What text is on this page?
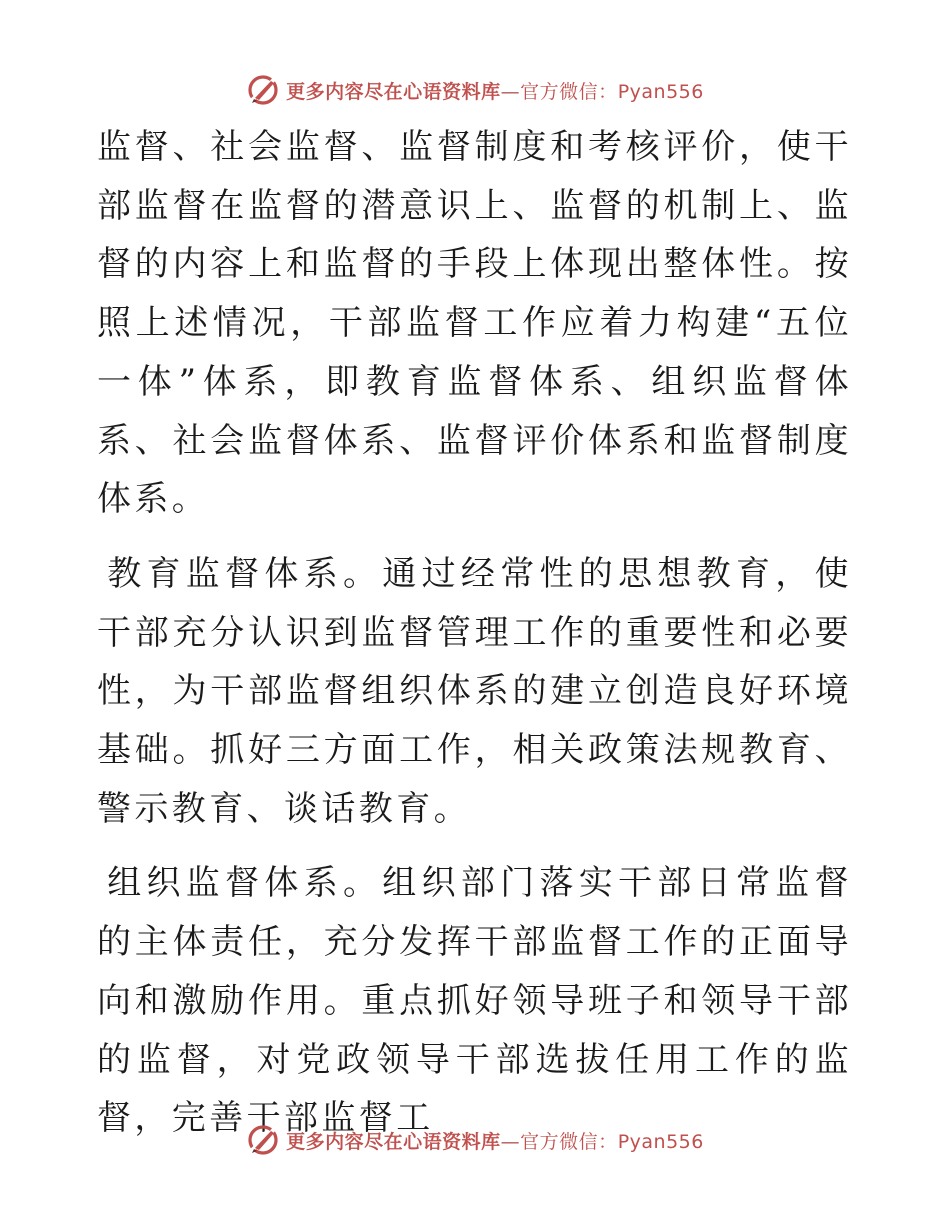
更多内容尽在心语资料库—官方微信：Pyan556

监督、社会监督、监督制度和考核评价，使干部监督在监督的潜意识上、监督的机制上、监督的内容上和监督的手段上体现出整体性。按照上述情况，干部监督工作应着力构建“五位一体”体系，即教育监督体系、组织监督体系、社会监督体系、监督评价体系和监督制度体系。

教育监督体系。通过经常性的思想教育，使干部充分认识到监督管理工作的重要性和必要性，为干部监督组织体系的建立创造良好环境基础。抓好三方面工作，相关政策法规教育、警示教育、谈话教育。

组织监督体系。组织部门落实干部日常监督的主体责任，充分发挥干部监督工作的正面导向和激励作用。重点抓好领导班子和领导干部的监督，对党政领导干部选拔任用工作的监督，完善干部监督工

更多内容尽在心语资料库—官方微信：Pyan556
